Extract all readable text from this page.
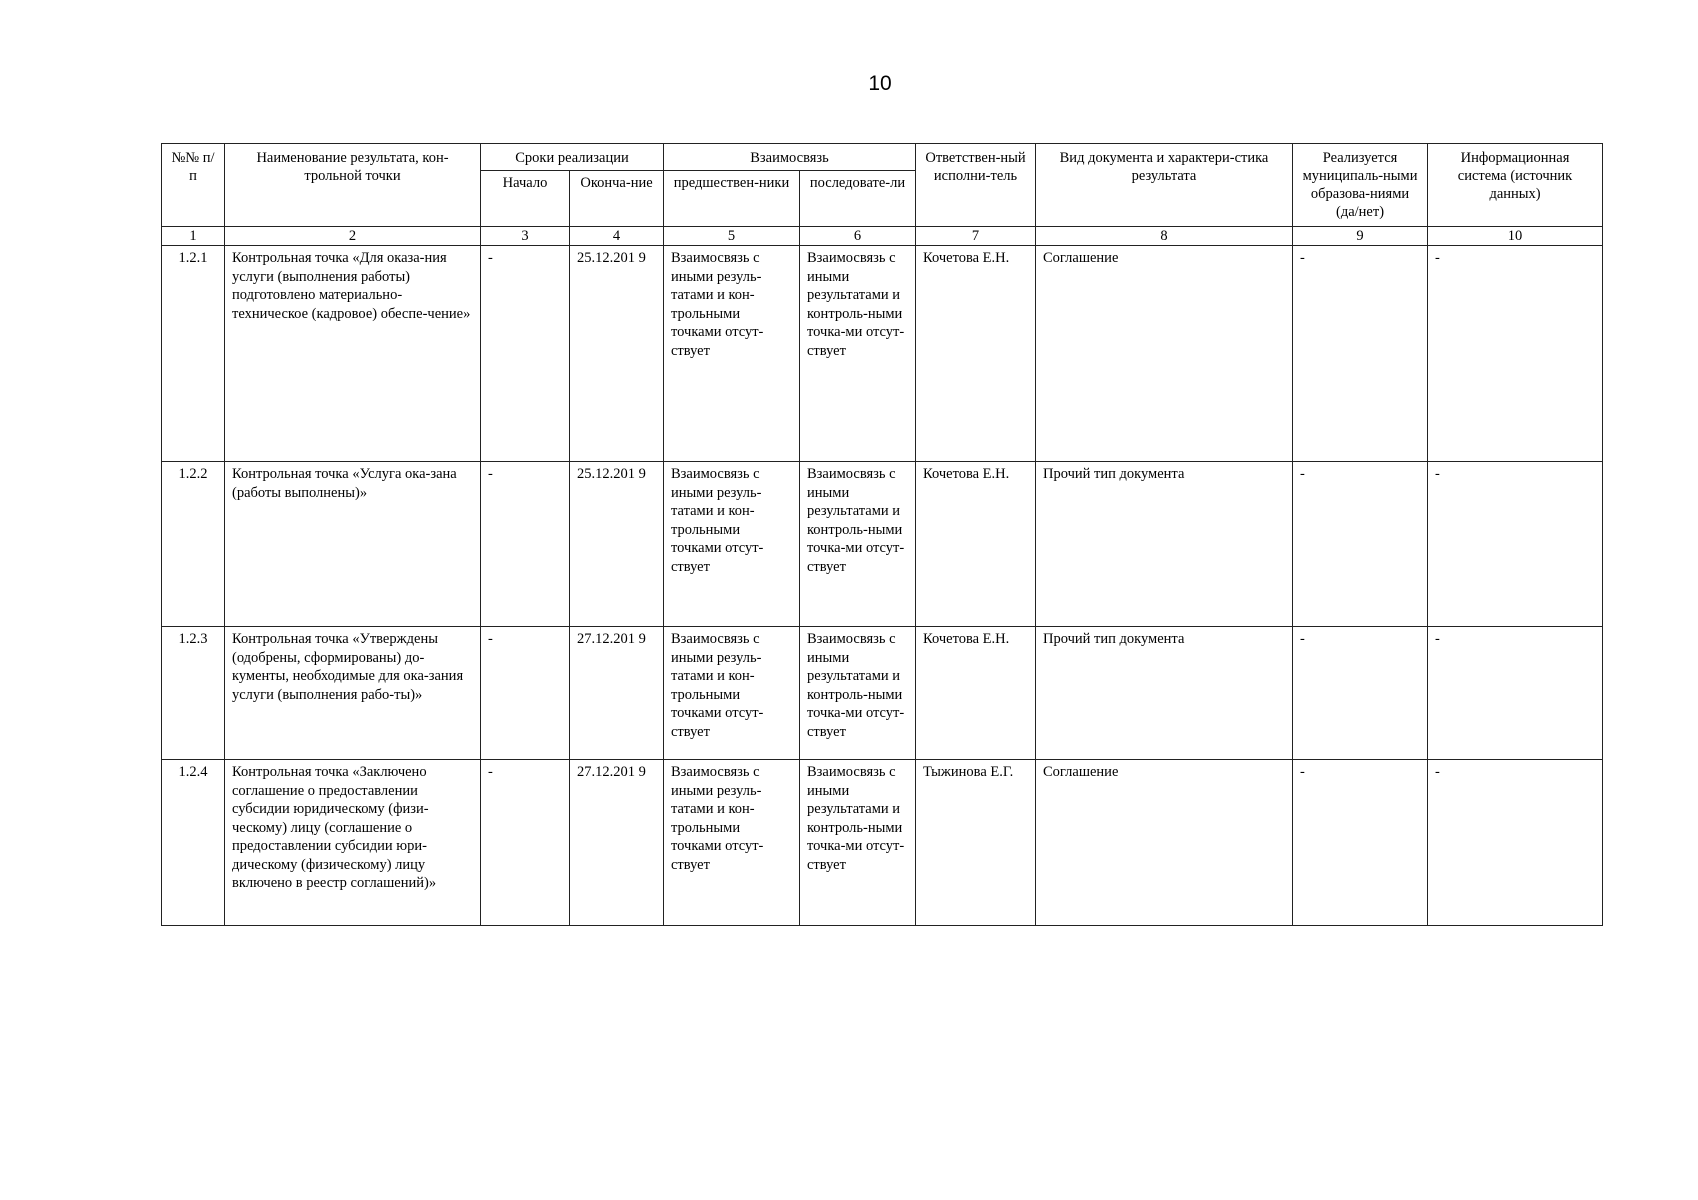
10
№№ п/п	Наименование результата, кон-трольной точки	Сроки реализации		Взаимосвязь		Ответствен-ный исполни-тель	Вид документа и характери-стика результата	Реализуется муниципаль-ными образова-ниями (да/нет)	Информационная система (источник данных)
		Начало	Оконча-ние	предшествен-ники	последовате-ли				
1	2	3	4	5	6	7	8	9	10
1.2.1	Контрольная точка «Для оказа-ния услуги (выполнения работы) подготовлено материально-техническое (кадровое) обеспе-чение»	-	25.12.201 9	Взаимосвязь с иными резуль-татами и кон-трольными точками отсут-ствует	Взаимосвязь с иными результатами и контроль-ными точка-ми отсут-ствует	Кочетова Е.Н.	Соглашение	-	-
1.2.2	Контрольная точка «Услуга ока-зана (работы выполнены)»	-	25.12.201 9	Взаимосвязь с иными резуль-татами и кон-трольными точками отсут-ствует	Взаимосвязь с иными результатами и контроль-ными точка-ми отсут-ствует	Кочетова Е.Н.	Прочий тип документа	-	-
1.2.3	Контрольная точка «Утверждены (одобрены, сформированы) до-кументы, необходимые для ока-зания услуги (выполнения рабо-ты)»	-	27.12.201 9	Взаимосвязь с иными резуль-татами и кон-трольными точками отсут-ствует	Взаимосвязь с иными результатами и контроль-ными точка-ми отсут-ствует	Кочетова Е.Н.	Прочий тип документа	-	-
1.2.4	Контрольная точка «Заключено соглашение о предоставлении субсидии юридическому (физи-ческому) лицу (соглашение о предоставлении субсидии юри-дическому (физическому) лицу включено в реестр соглашений)»	-	27.12.201 9	Взаимосвязь с иными резуль-татами и кон-трольными точками отсут-ствует	Взаимосвязь с иными результатами и контроль-ными точка-ми отсут-ствует	Тыжинова Е.Г.	Соглашение	-	-
